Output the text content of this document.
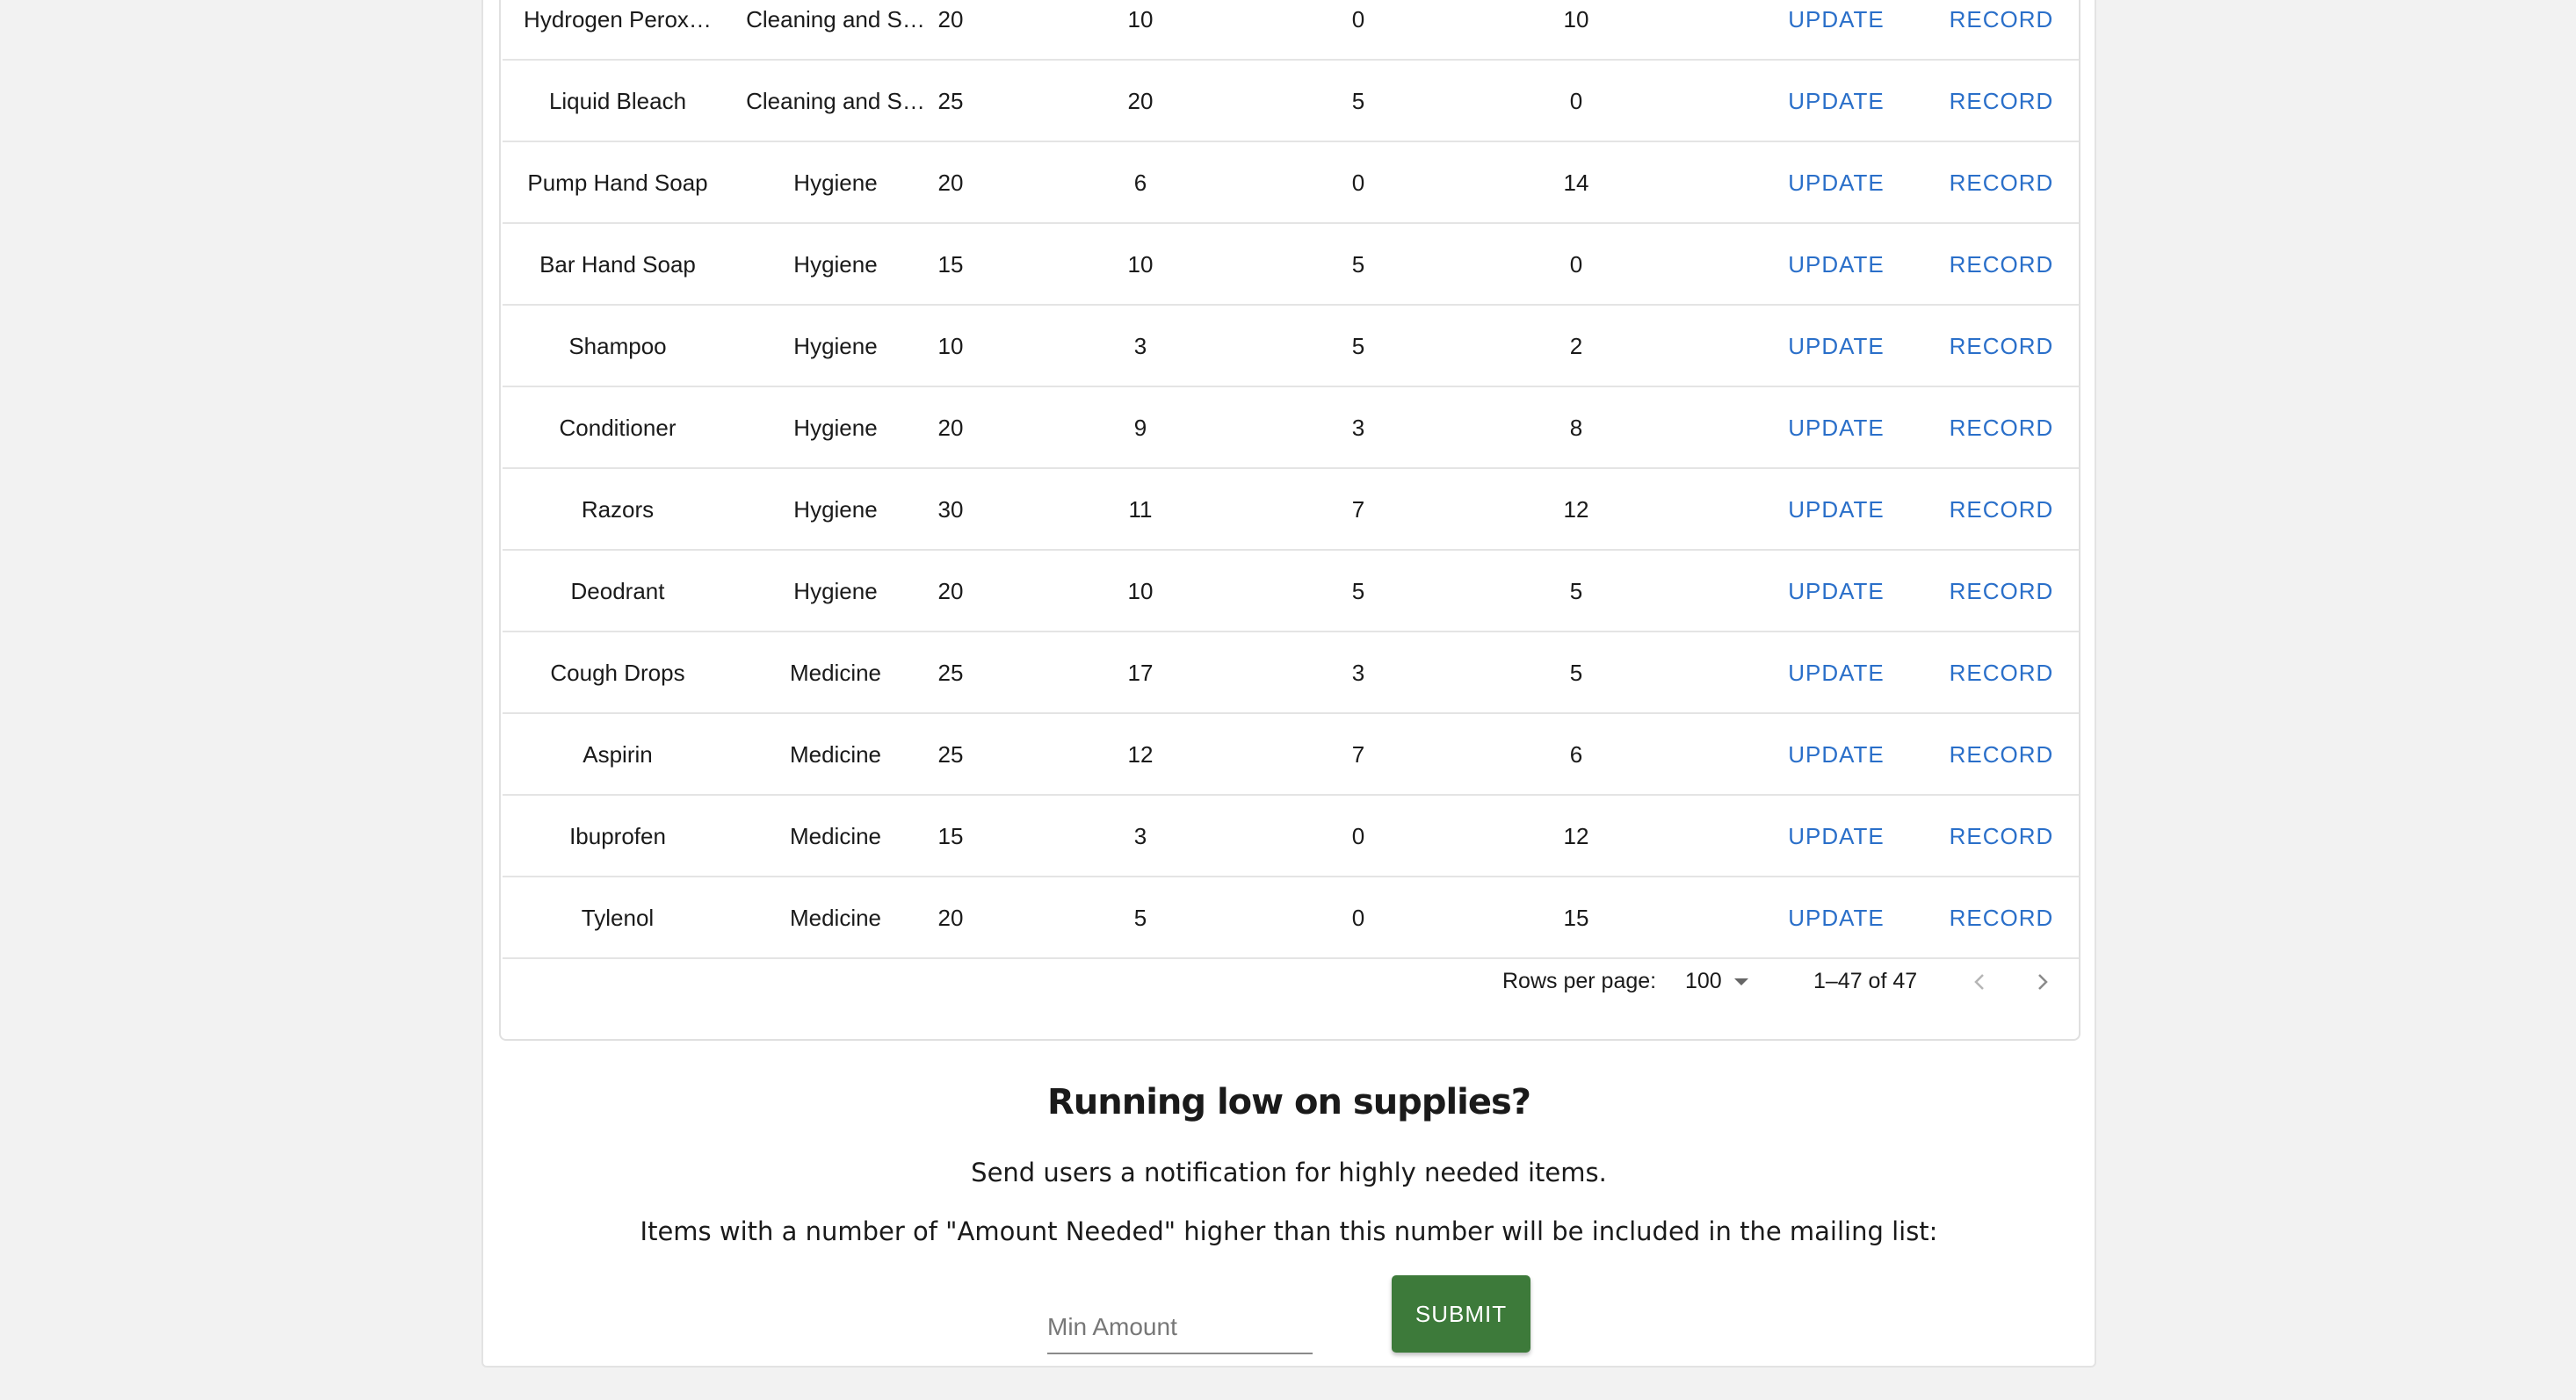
Hydrogen Perox…	Cleaning and S… 20	10	0	10	UPDATE	RECORD
Liquid Bleach	Cleaning and S… 25	20	5	0	UPDATE	RECORD
Pump Hand Soap	Hygiene	20	6	0	14	UPDATE	RECORD
Bar Hand Soap	Hygiene	15	10	5	0	UPDATE	RECORD
Shampoo	Hygiene	10	3	5	2	UPDATE	RECORD
Conditioner	Hygiene	20	9	3	8	UPDATE	RECORD
Razors	Hygiene	30	11	7	12	UPDATE	RECORD
Deodrant	Hygiene	20	10	5	5	UPDATE	RECORD
Cough Drops	Medicine	25	17	3	5	UPDATE	RECORD
Aspirin	Medicine	25	12	7	6	UPDATE	RECORD
Ibuprofen	Medicine	15	3	0	12	UPDATE	RECORD
Tylenol	Medicine	20	5	0	15	UPDATE	RECORD
Rows per page: 100	1–47 of 47
Running low on supplies?
Send users a notification for highly needed items.
Items with a number of "Amount Needed" higher than this number will be included in the mailing list:
Min Amount
SUBMIT
